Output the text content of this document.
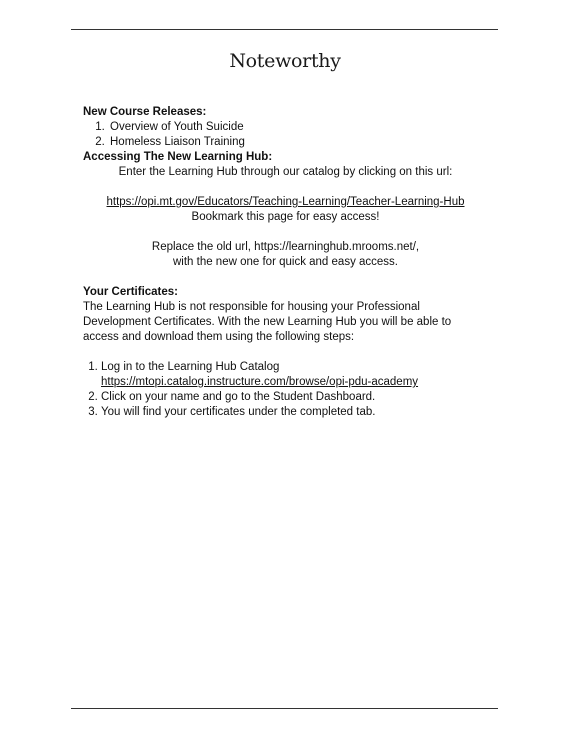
Noteworthy

New Course Releases:

1. Overview of Youth Suicide
2. Homeless Liaison Training

Accessing The New Learning Hub:

Enter the Learning Hub through our catalog by clicking on this url:

https://opi.mt.gov/Educators/Teaching-Learning/Teacher-Learning-Hub

Bookmark this page for easy access!

Replace the old url, https://learninghub.mrooms.net/,

with the new one for quick and easy access.

Your Certificates:

The Learning Hub is not responsible for housing your Professional Development Certificates. With the new Learning Hub you will be able to access and download them using the following steps:

1. Log in to the Learning Hub Catalog
https://mtopi.catalog.instructure.com/browse/opi-pdu-academy
2. Click on your name and go to the Student Dashboard.
3. You will find your certificates under the completed tab.
